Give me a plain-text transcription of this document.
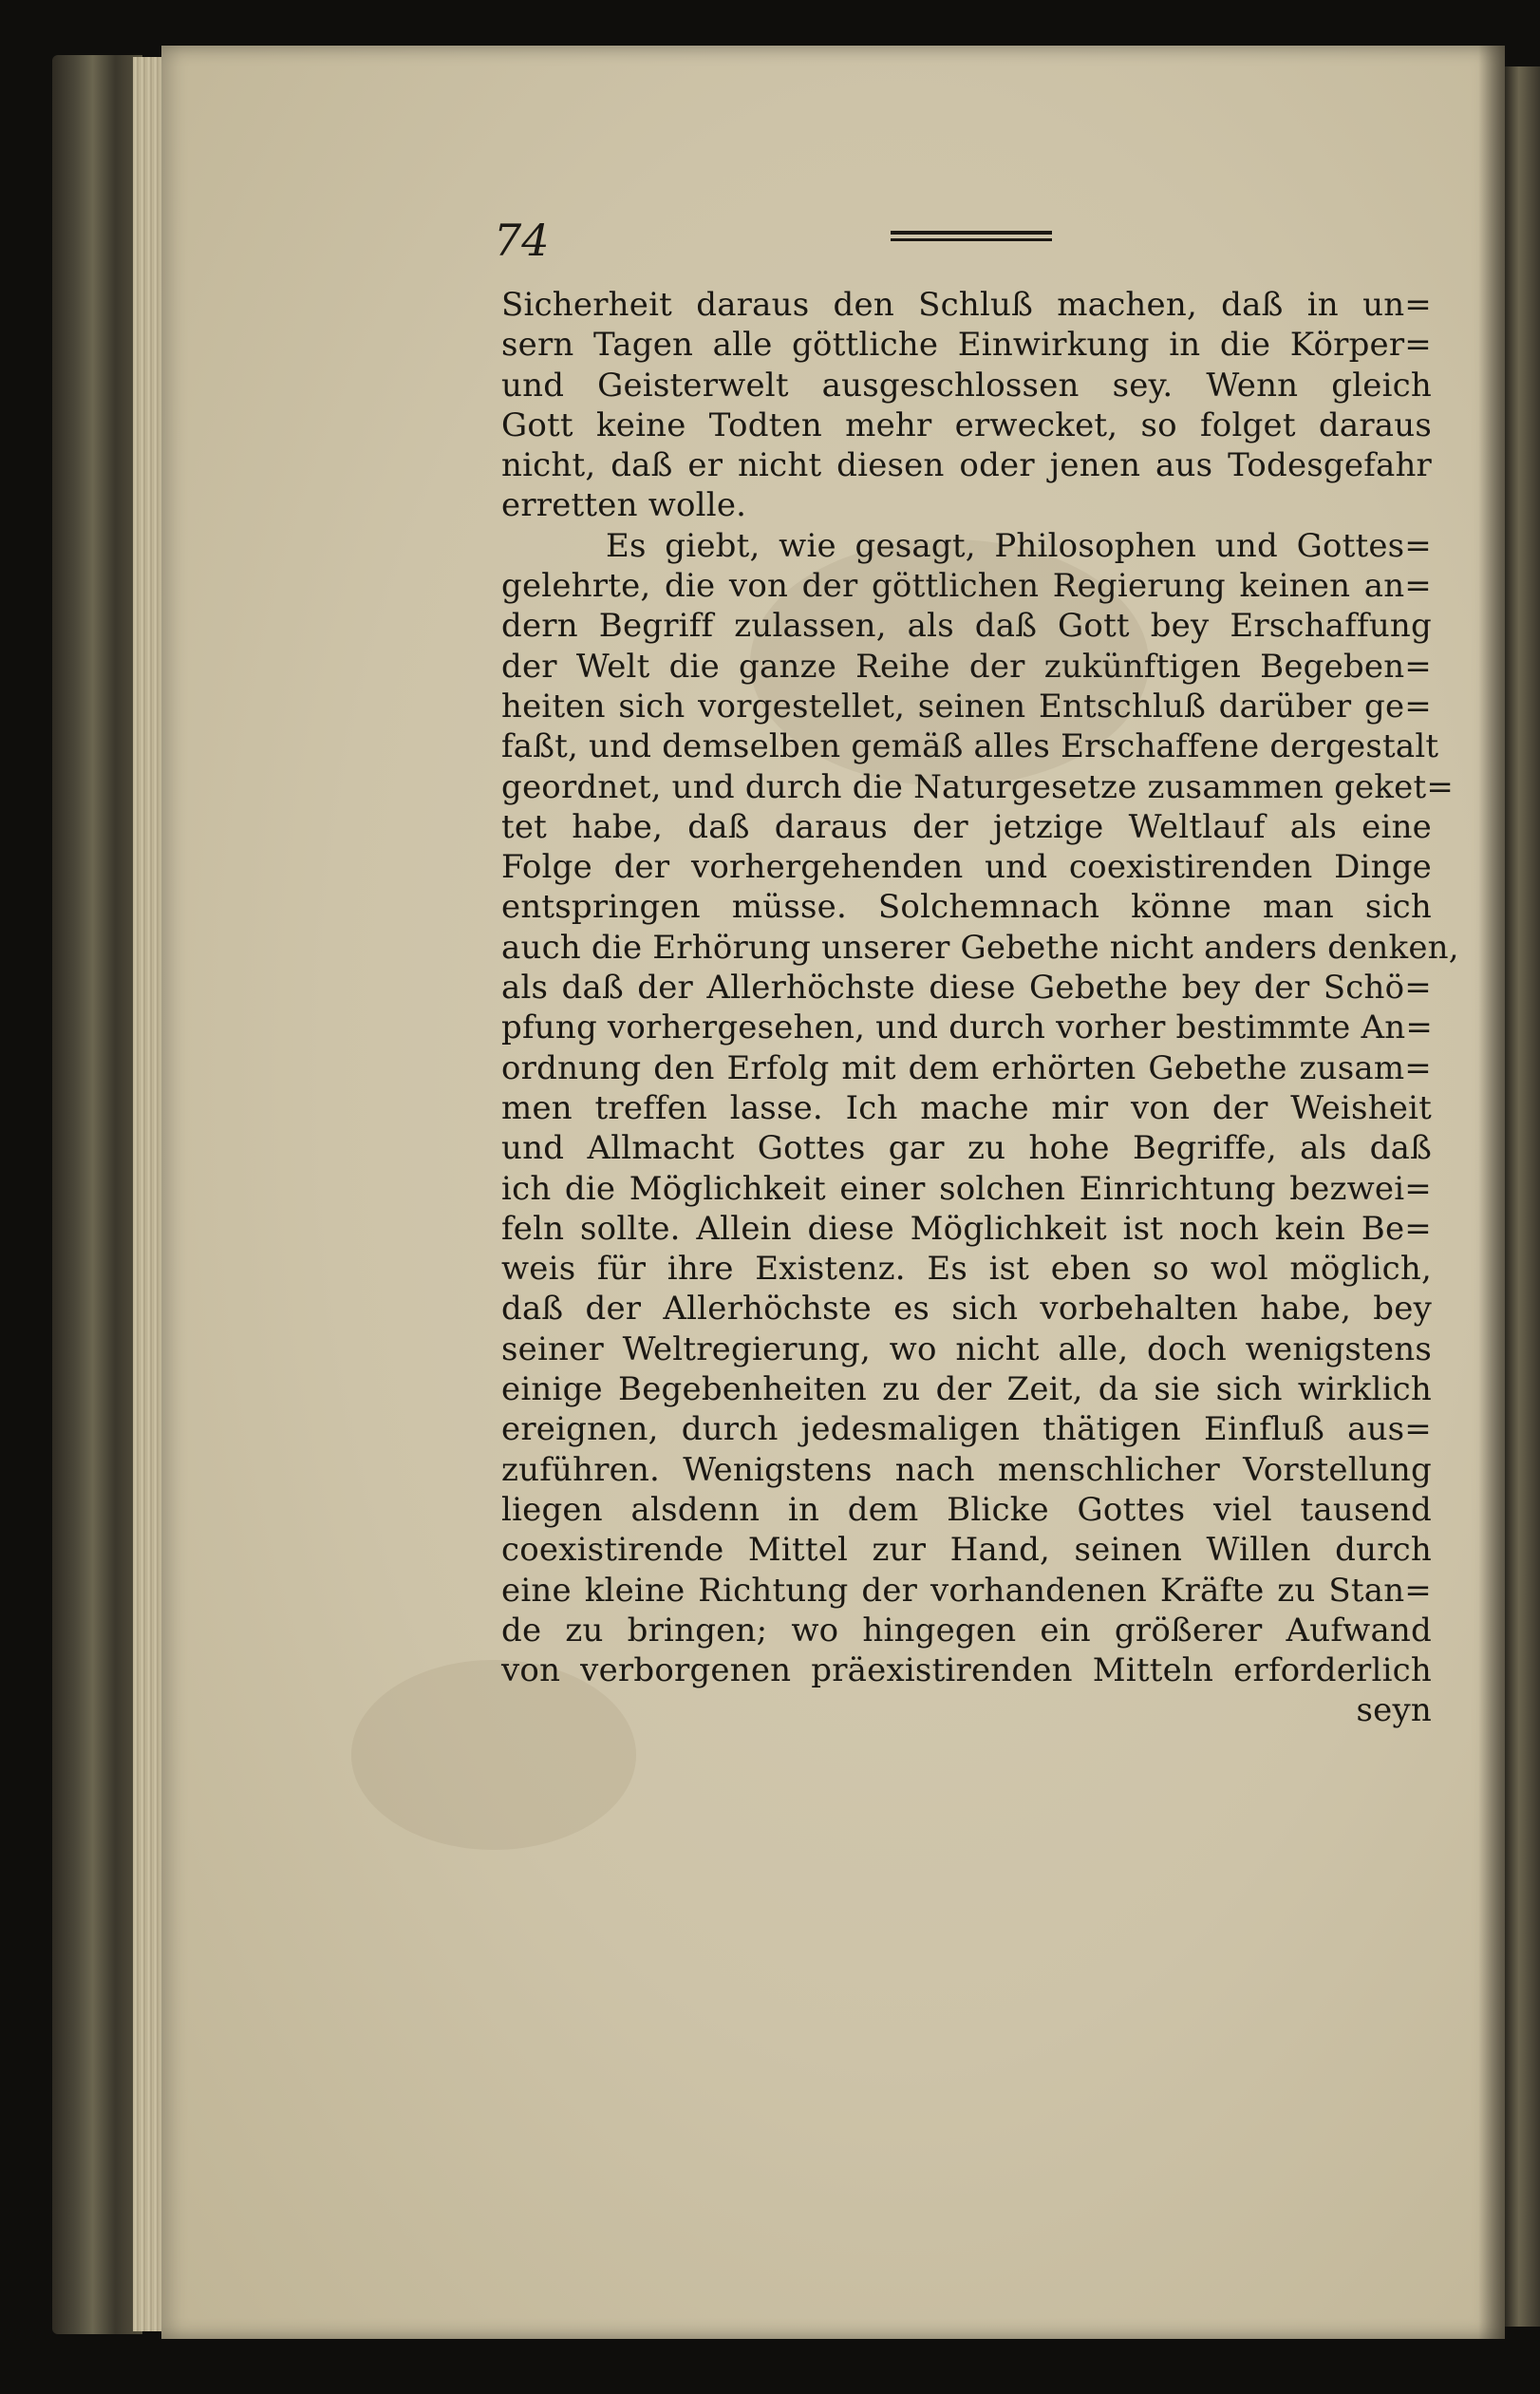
74
Sicherheit daraus den Schluß machen, daß in un=
sern Tagen alle göttliche Einwirkung in die Körper=
und Geisterwelt ausgeschlossen sey. Wenn gleich
Gott keine Todten mehr erwecket, so folget daraus
nicht, daß er nicht diesen oder jenen aus Todesgefahr
erretten wolle.
Es giebt, wie gesagt, Philosophen und Gottes=
gelehrte, die von der göttlichen Regierung keinen an=
dern Begriff zulassen, als daß Gott bey Erschaffung
der Welt die ganze Reihe der zukünftigen Begeben=
heiten sich vorgestellet, seinen Entschluß darüber ge=
faßt, und demselben gemäß alles Erschaffene dergestalt
geordnet, und durch die Naturgesetze zusammen geket=
tet habe, daß daraus der jetzige Weltlauf als eine
Folge der vorhergehenden und coexistirenden Dinge
entspringen müsse. Solchemnach könne man sich
auch die Erhörung unserer Gebethe nicht anders denken,
als daß der Allerhöchste diese Gebethe bey der Schö=
pfung vorhergesehen, und durch vorher bestimmte An=
ordnung den Erfolg mit dem erhörten Gebethe zusam=
men treffen lasse. Ich mache mir von der Weisheit
und Allmacht Gottes gar zu hohe Begriffe, als daß
ich die Möglichkeit einer solchen Einrichtung bezwei=
feln sollte. Allein diese Möglichkeit ist noch kein Be=
weis für ihre Existenz. Es ist eben so wol möglich,
daß der Allerhöchste es sich vorbehalten habe, bey
seiner Weltregierung, wo nicht alle, doch wenigstens
einige Begebenheiten zu der Zeit, da sie sich wirklich
ereignen, durch jedesmaligen thätigen Einfluß aus=
zuführen. Wenigstens nach menschlicher Vorstellung
liegen alsdenn in dem Blicke Gottes viel tausend
coexistirende Mittel zur Hand, seinen Willen durch
eine kleine Richtung der vorhandenen Kräfte zu Stan=
de zu bringen; wo hingegen ein größerer Aufwand
von verborgenen präexistirenden Mitteln erforderlich
seyn
